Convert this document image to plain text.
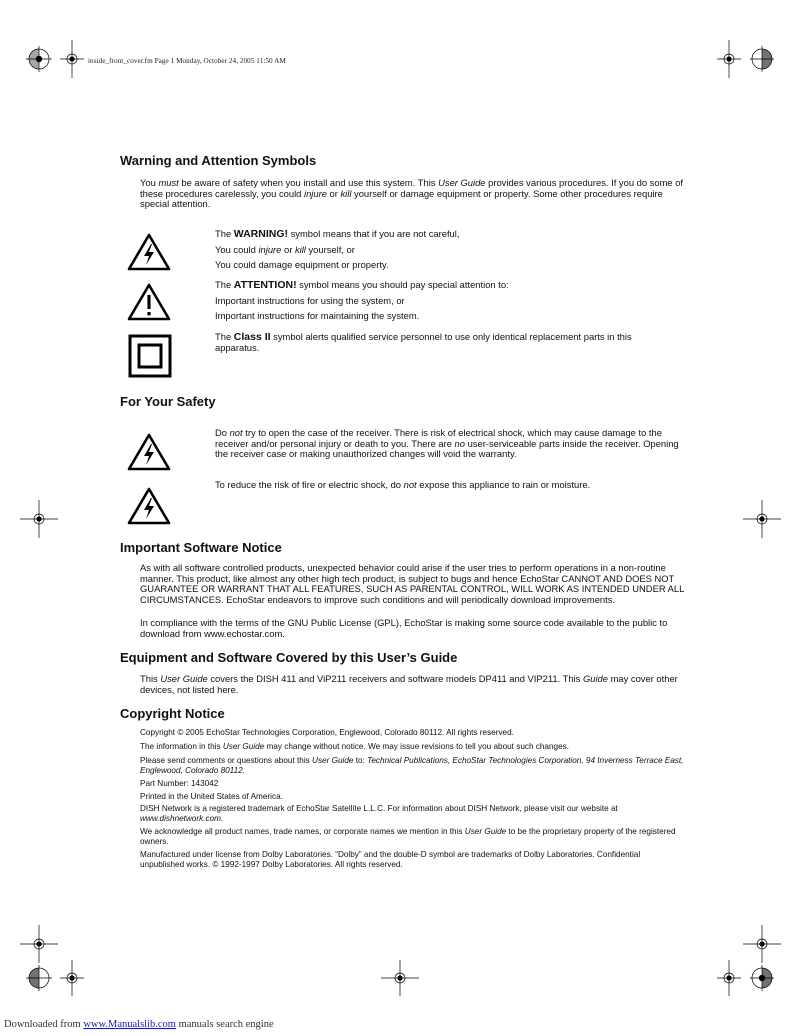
inside_front_cover.fm Page 1 Monday, October 24, 2005 11:50 AM
Warning and Attention Symbols
You must be aware of safety when you install and use this system. This User Guide provides various procedures. If you do some of these procedures carelessly, you could injure or kill yourself or damage equipment or property. Some other procedures require special attention.
The WARNING! symbol means that if you are not careful,
You could injure or kill yourself, or
You could damage equipment or property.
The ATTENTION! symbol means you should pay special attention to:
Important instructions for using the system, or
Important instructions for maintaining the system.
The Class II symbol alerts qualified service personnel to use only identical replacement parts in this apparatus.
For Your Safety
Do not try to open the case of the receiver. There is risk of electrical shock, which may cause damage to the receiver and/or personal injury or death to you. There are no user-serviceable parts inside the receiver. Opening the receiver case or making unauthorized changes will void the warranty.
To reduce the risk of fire or electric shock, do not expose this appliance to rain or moisture.
Important Software Notice
As with all software controlled products, unexpected behavior could arise if the user tries to perform operations in a non-routine manner. This product, like almost any other high tech product, is subject to bugs and hence EchoStar CANNOT AND DOES NOT GUARANTEE OR WARRANT THAT ALL FEATURES, SUCH AS PARENTAL CONTROL, WILL WORK AS INTENDED UNDER ALL CIRCUMSTANCES. EchoStar endeavors to improve such conditions and will periodically download improvements.
In compliance with the terms of the GNU Public License (GPL), EchoStar is making some source code available to the public to download from www.echostar.com.
Equipment and Software Covered by this User’s Guide
This User Guide covers the DISH 411 and ViP211 receivers and software models DP411 and VIP211. This Guide may cover other devices, not listed here.
Copyright Notice
Copyright © 2005 EchoStar Technologies Corporation, Englewood, Colorado 80112. All rights reserved.
The information in this User Guide may change without notice. We may issue revisions to tell you about such changes.
Please send comments or questions about this User Guide to: Technical Publications, EchoStar Technologies Corporation, 94 Inverness Terrace East, Englewood, Colorado 80112.
Part Number: 143042
Printed in the United States of America.
DISH Network is a registered trademark of EchoStar Satellite L.L.C. For information about DISH Network, please visit our website at www.dishnetwork.com.
We acknowledge all product names, trade names, or corporate names we mention in this User Guide to be the proprietary property of the registered owners.
Manufactured under license from Dolby Laboratories. “Dolby” and the double-D symbol are trademarks of Dolby Laboratories. Confidential unpublished works. © 1992-1997 Dolby Laboratories. All rights reserved.
Downloaded from www.Manualslib.com manuals search engine
